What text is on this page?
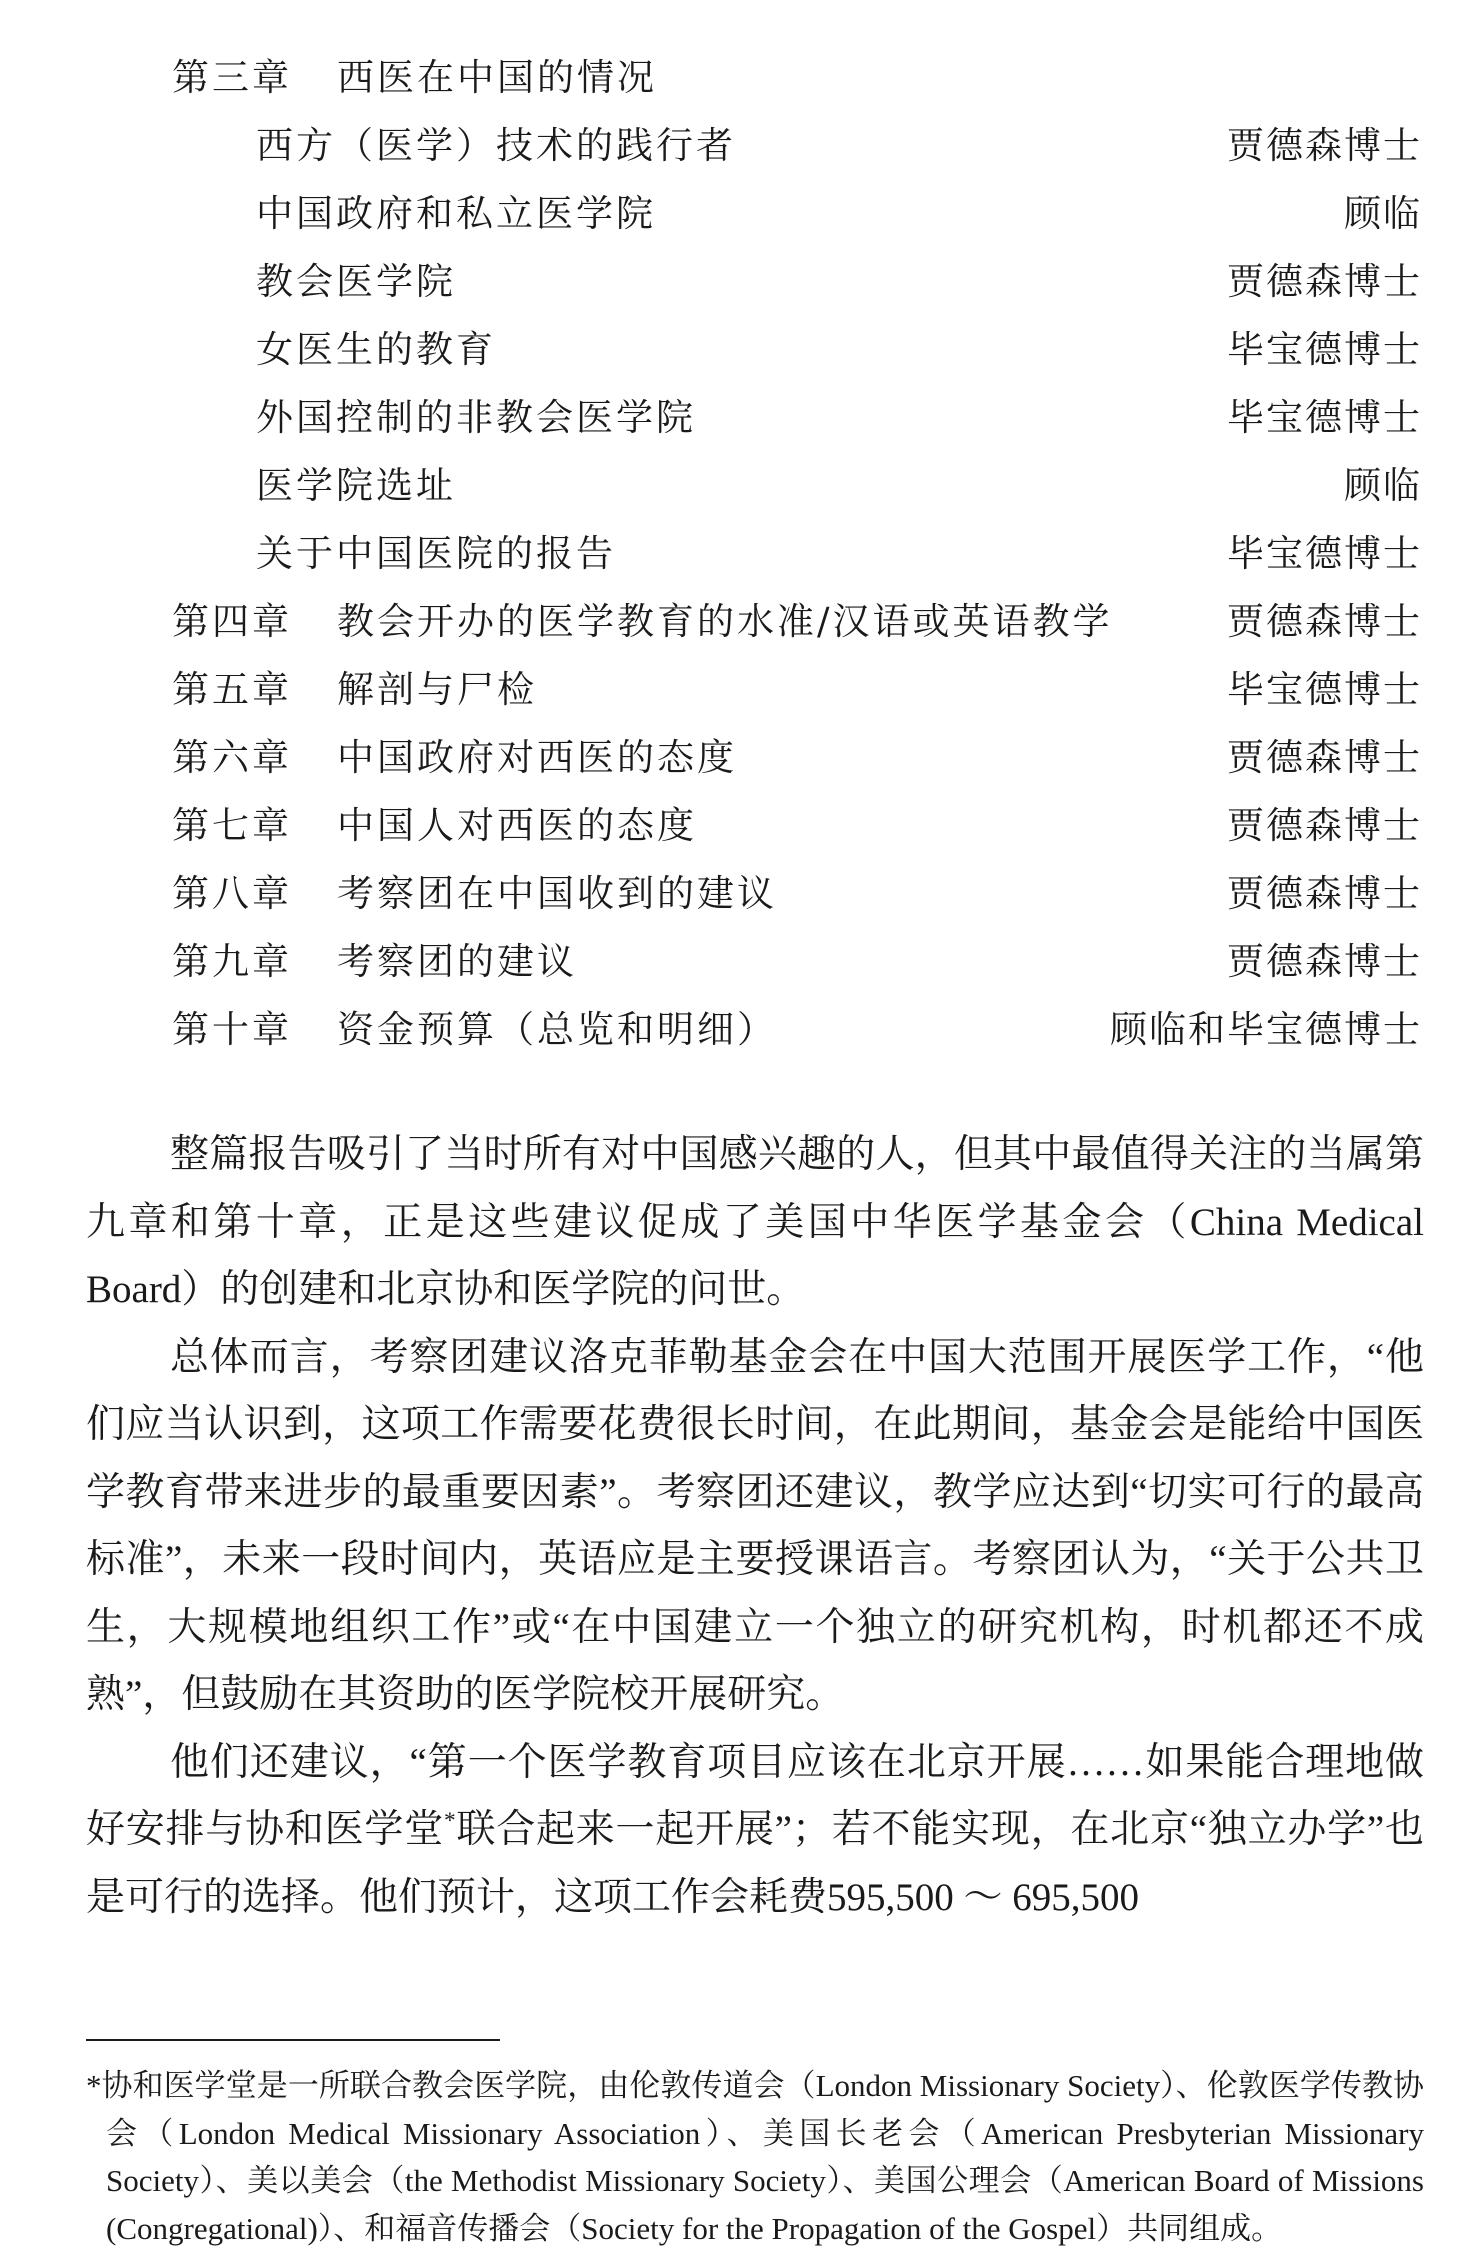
第三章 西医在中国的情况
西方（医学）技术的践行者	贾德森博士
中国政府和私立医学院	顾临
教会医学院	贾德森博士
女医生的教育	毕宝德博士
外国控制的非教会医学院	毕宝德博士
医学院选址	顾临
关于中国医院的报告	毕宝德博士
第四章 教会开办的医学教育的水准/汉语或英语教学	贾德森博士
第五章 解剖与尸检	毕宝德博士
第六章 中国政府对西医的态度	贾德森博士
第七章 中国人对西医的态度	贾德森博士
第八章 考察团在中国收到的建议	贾德森博士
第九章 考察团的建议	贾德森博士
第十章 资金预算（总览和明细）	顾临和毕宝德博士

整篇报告吸引了当时所有对中国感兴趣的人，但其中最值得关注的当属第九章和第十章，正是这些建议促成了美国中华医学基金会（China Medical Board）的创建和北京协和医学院的问世。

总体而言，考察团建议洛克菲勒基金会在中国大范围开展医学工作，“他们应当认识到，这项工作需要花费很长时间，在此期间，基金会是能给中国医学教育带来进步的最重要因素”。考察团还建议，教学应达到“切实可行的最高标准”，未来一段时间内，英语应是主要授课语言。考察团认为，“关于公共卫生，大规模地组织工作”或“在中国建立一个独立的研究机构，时机都还不成熟”，但鼓励在其资助的医学院校开展研究。

他们还建议，“第一个医学教育项目应该在北京开展……如果能合理地做好安排与协和医学堂*联合起来一起开展”；若不能实现，在北京“独立办学”也是可行的选择。他们预计，这项工作会耗费595,500 ～ 695,500

*协和医学堂是一所联合教会医学院，由伦敦传道会（London Missionary Society）、伦敦医学传教协会（London Medical Missionary Association）、美国长老会（American Presbyterian Missionary Society）、美以美会（the Methodist Missionary Society）、美国公理会（American Board of Missions (Congregational)）、和福音传播会（Society for the Propagation of the Gospel）共同组成。
